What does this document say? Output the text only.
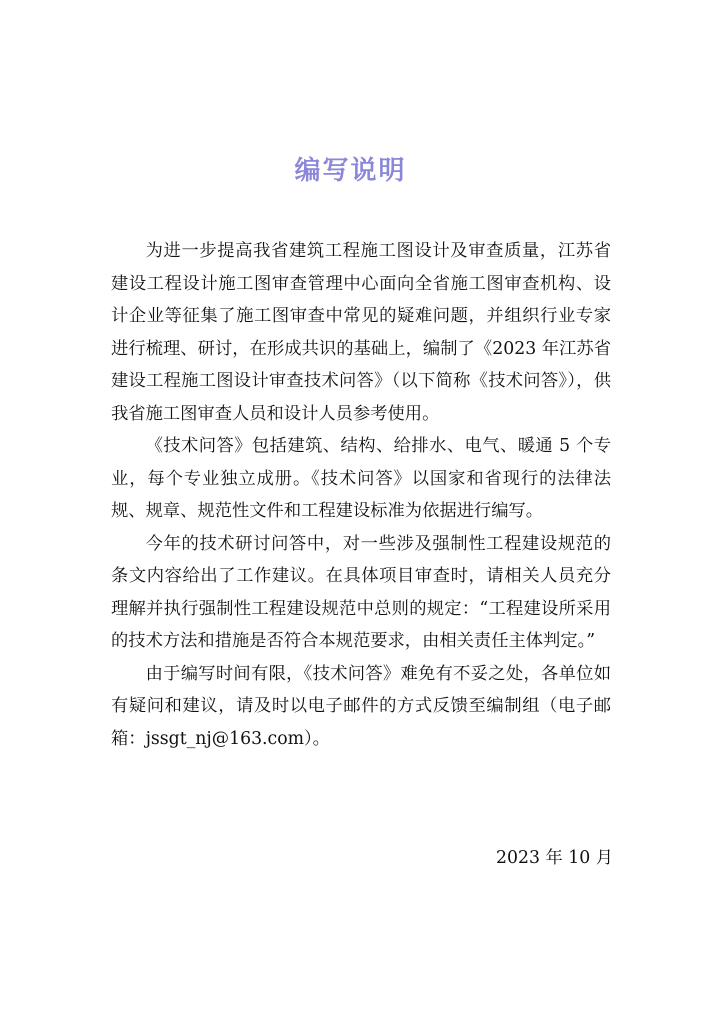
编写说明

为进一步提高我省建筑工程施工图设计及审查质量，江苏省建设工程设计施工图审查管理中心面向全省施工图审查机构、设计企业等征集了施工图审查中常见的疑难问题，并组织行业专家进行梳理、研讨，在形成共识的基础上，编制了《2023 年江苏省建设工程施工图设计审查技术问答》（以下简称《技术问答》），供我省施工图审查人员和设计人员参考使用。

《技术问答》包括建筑、结构、给排水、电气、暖通 5 个专业，每个专业独立成册。《技术问答》以国家和省现行的法律法规、规章、规范性文件和工程建设标准为依据进行编写。

今年的技术研讨问答中，对一些涉及强制性工程建设规范的条文内容给出了工作建议。在具体项目审查时，请相关人员充分理解并执行强制性工程建设规范中总则的规定：“工程建设所采用的技术方法和措施是否符合本规范要求，由相关责任主体判定。”

由于编写时间有限，《技术问答》难免有不妥之处，各单位如有疑问和建议，请及时以电子邮件的方式反馈至编制组（电子邮箱：jssgt_nj@163.com）。

2023 年 10 月
